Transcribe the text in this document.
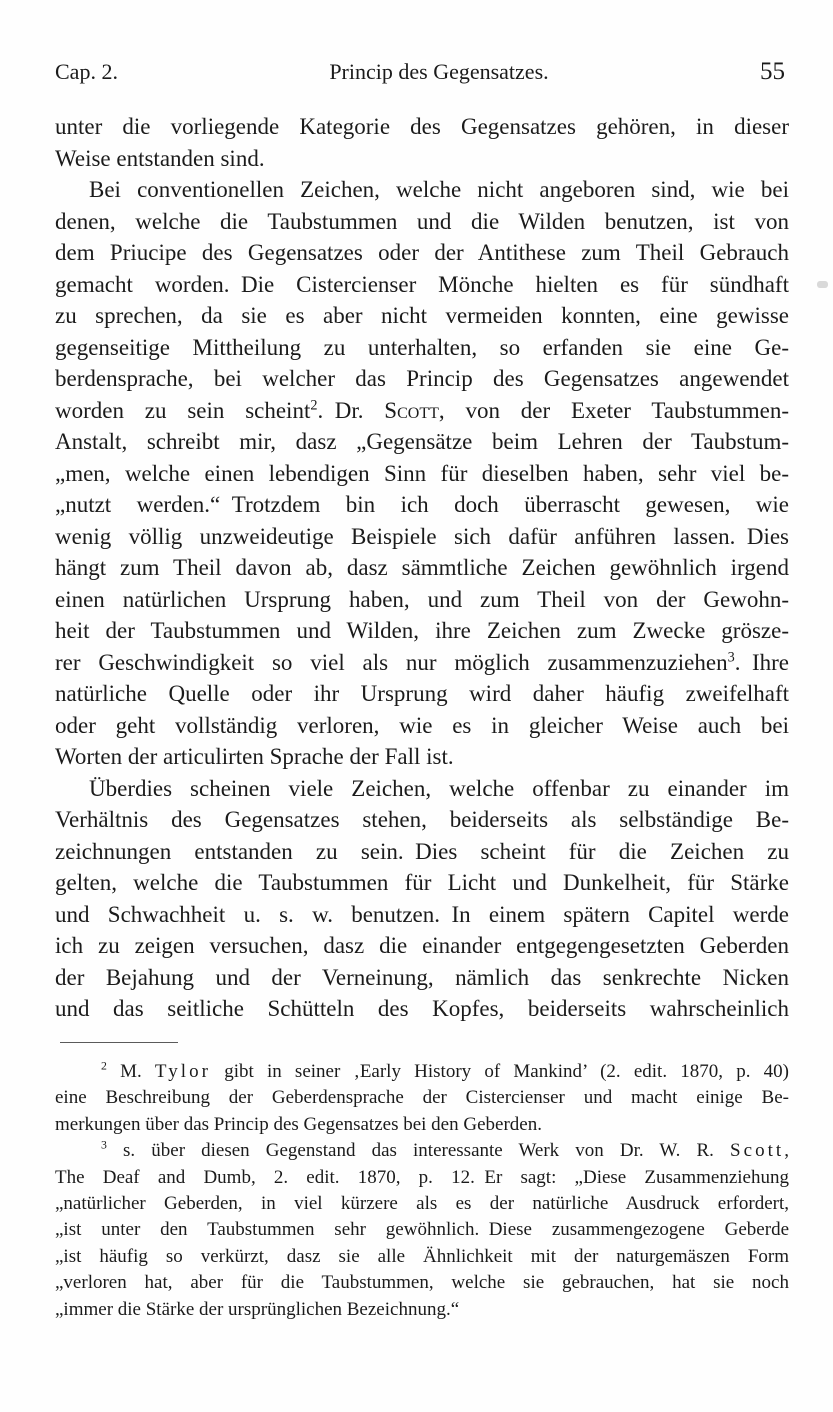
Cap. 2.	Princip des Gegensatzes.	55
unter die vorliegende Kategorie des Gegensatzes gehören, in dieser
Weise entstanden sind.
Bei conventionellen Zeichen, welche nicht angeboren sind, wie bei
denen, welche die Taubstummen und die Wilden benutzen, ist von
dem Priucipe des Gegensatzes oder der Antithese zum Theil Gebrauch
gemacht worden. Die Cistercienser Mönche hielten es für sündhaft
zu sprechen, da sie es aber nicht vermeiden konnten, eine gewisse
gegenseitige Mittheilung zu unterhalten, so erfanden sie eine Ge-
berdensprache, bei welcher das Princip des Gegensatzes angewendet
worden zu sein scheint$^2$. Dr. Scott, von der Exeter Taubstummen-
Anstalt, schreibt mir, dasz „Gegensätze beim Lehren der Taubstum-
„men, welche einen lebendigen Sinn für dieselben haben, sehr viel be-
„nutzt werden.“ Trotzdem bin ich doch überrascht gewesen, wie
wenig völlig unzweideutige Beispiele sich dafür anführen lassen. Dies
hängt zum Theil davon ab, dasz sämmtliche Zeichen gewöhnlich irgend
einen natürlichen Ursprung haben, und zum Theil von der Gewohn-
heit der Taubstummen und Wilden, ihre Zeichen zum Zwecke grösze-
rer Geschwindigkeit so viel als nur möglich zusammenzuziehen$^3$. Ihre
natürliche Quelle oder ihr Ursprung wird daher häufig zweifelhaft
oder geht vollständig verloren, wie es in gleicher Weise auch bei
Worten der articulirten Sprache der Fall ist.
Überdies scheinen viele Zeichen, welche offenbar zu einander im
Verhältnis des Gegensatzes stehen, beiderseits als selbständige Be-
zeichnungen entstanden zu sein. Dies scheint für die Zeichen zu
gelten, welche die Taubstummen für Licht und Dunkelheit, für Stärke
und Schwachheit u. s. w. benutzen. In einem spätern Capitel werde
ich zu zeigen versuchen, dasz die einander entgegengesetzten Geberden
der Bejahung und der Verneinung, nämlich das senkrechte Nicken
und das seitliche Schütteln des Kopfes, beiderseits wahrscheinlich
$^2$ M. Tylor gibt in seiner ‚Early History of Mankind’ (2. edit. 1870, p. 40)
eine Beschreibung der Geberdensprache der Cistercienser und macht einige Be-
merkungen über das Princip des Gegensatzes bei den Geberden.
$^3$ s. über diesen Gegenstand das interessante Werk von Dr. W. R. Scott,
The Deaf and Dumb, 2. edit. 1870, p. 12. Er sagt: „Diese Zusammenziehung
„natürlicher Geberden, in viel kürzere als es der natürliche Ausdruck erfordert,
„ist unter den Taubstummen sehr gewöhnlich. Diese zusammengezogene Geberde
„ist häufig so verkürzt, dasz sie alle Ähnlichkeit mit der naturgemäszen Form
„verloren hat, aber für die Taubstummen, welche sie gebrauchen, hat sie noch
„immer die Stärke der ursprünglichen Bezeichnung.“
